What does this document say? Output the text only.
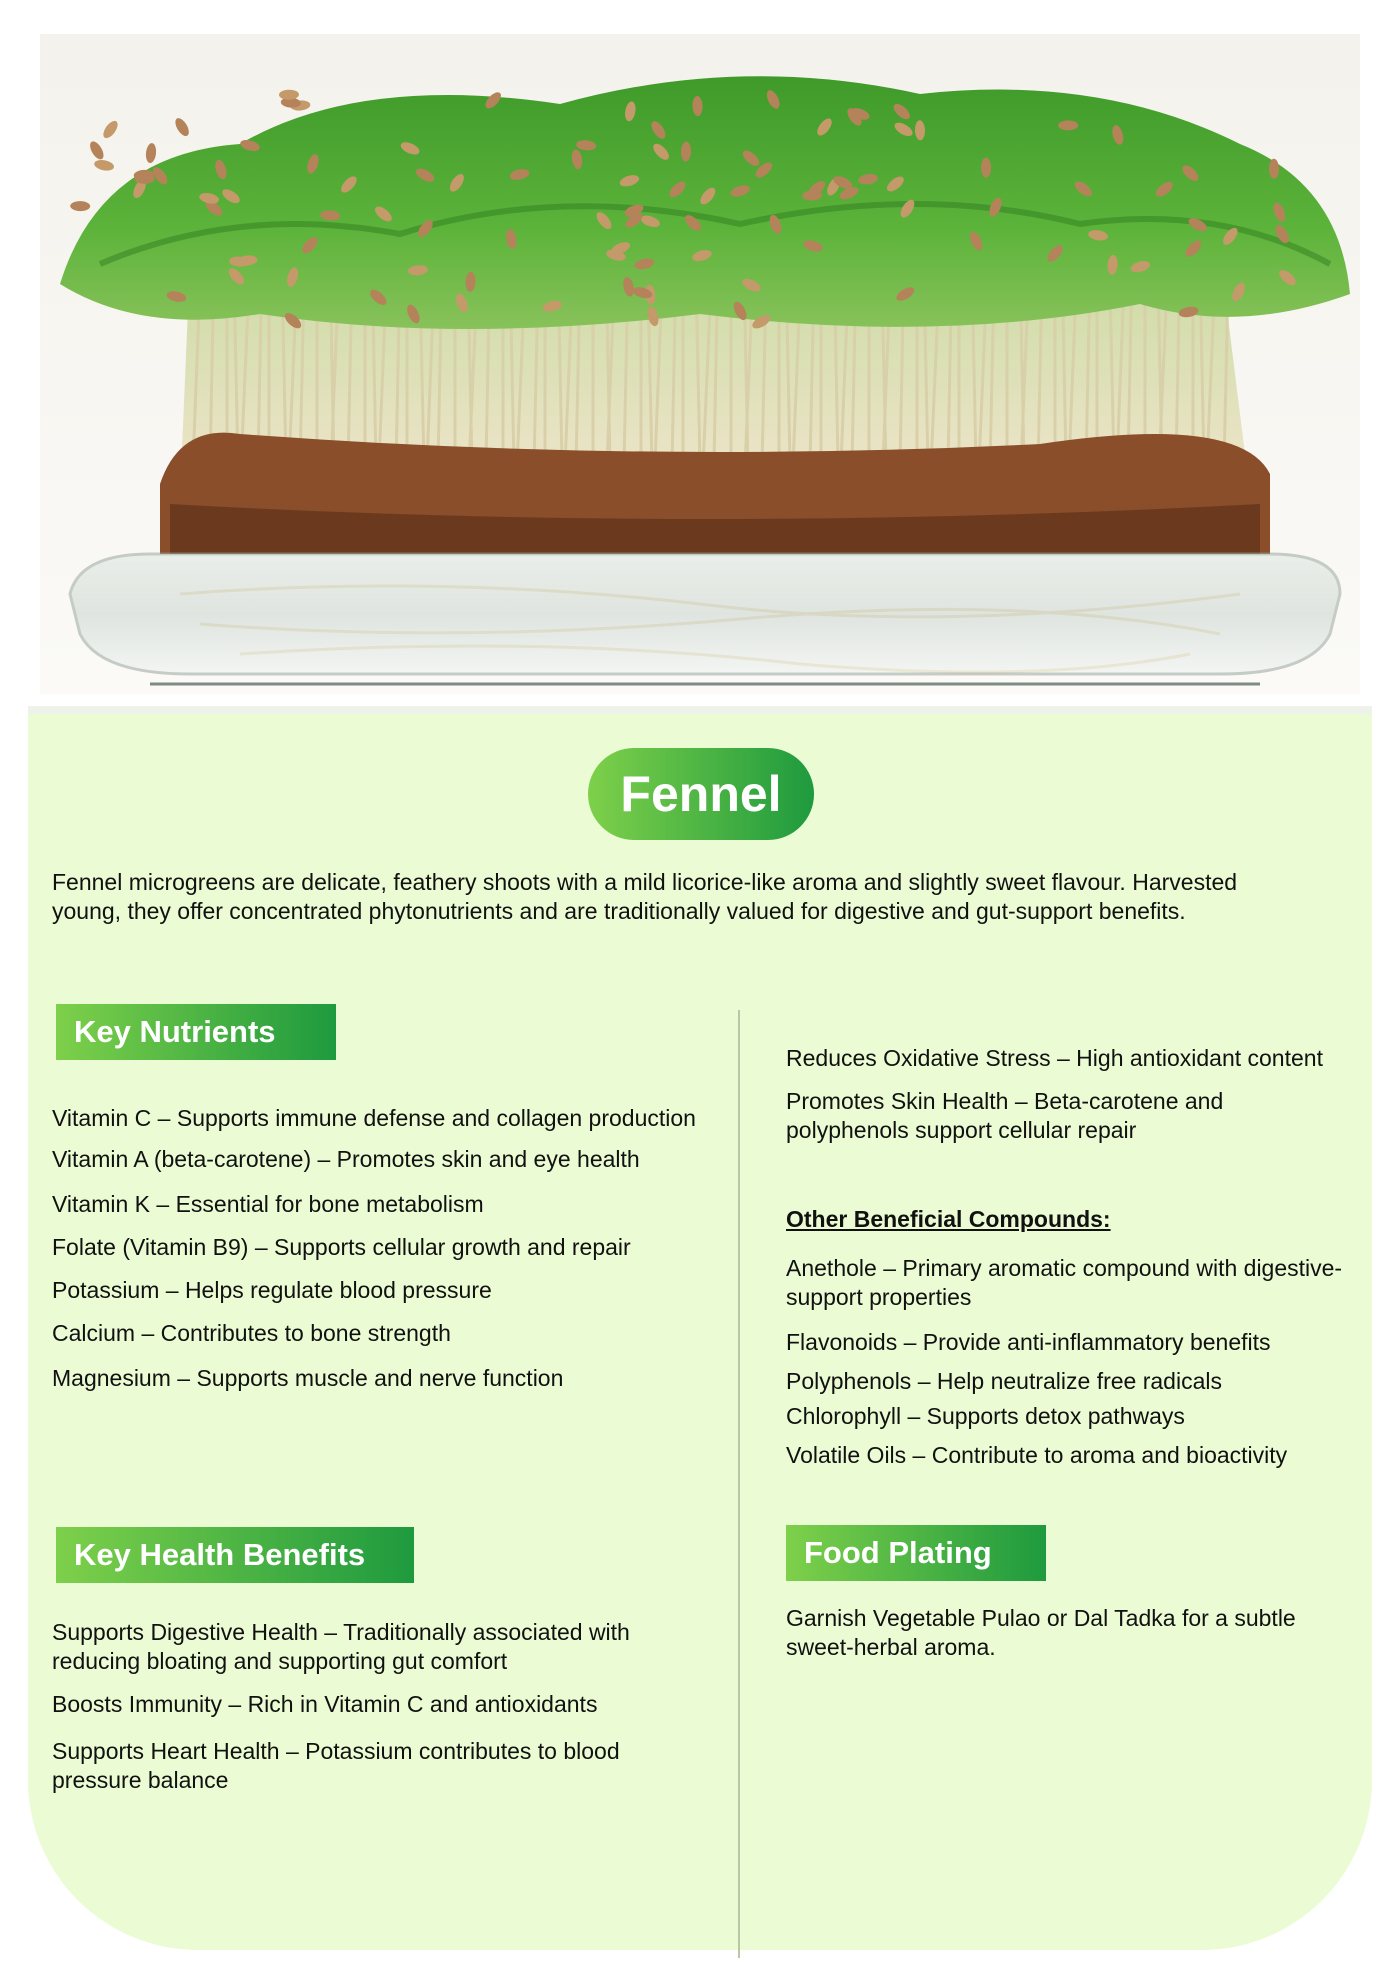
Fennel

Fennel microgreens are delicate, feathery shoots with a mild licorice-like aroma and slightly sweet flavour. Harvested young, they offer concentrated phytonutrients and are traditionally valued for digestive and gut-support benefits.

Key Nutrients
Vitamin C – Supports immune defense and collagen production
Vitamin A (beta-carotene) – Promotes skin and eye health
Vitamin K – Essential for bone metabolism
Folate (Vitamin B9) – Supports cellular growth and repair
Potassium – Helps regulate blood pressure
Calcium – Contributes to bone strength
Magnesium – Supports muscle and nerve function
Key Health Benefits
Supports Digestive Health – Traditionally associated with reducing bloating and supporting gut comfort
Boosts Immunity – Rich in Vitamin C and antioxidants
Supports Heart Health – Potassium contributes to blood pressure balance
Reduces Oxidative Stress – High antioxidant content
Promotes Skin Health – Beta-carotene and polyphenols support cellular repair
Other Beneficial Compounds:
Anethole – Primary aromatic compound with digestive-support properties
Flavonoids – Provide anti-inflammatory benefits
Polyphenols – Help neutralize free radicals
Chlorophyll – Supports detox pathways
Volatile Oils – Contribute to aroma and bioactivity
Food Plating

Garnish Vegetable Pulao or Dal Tadka for a subtle sweet-herbal aroma.
